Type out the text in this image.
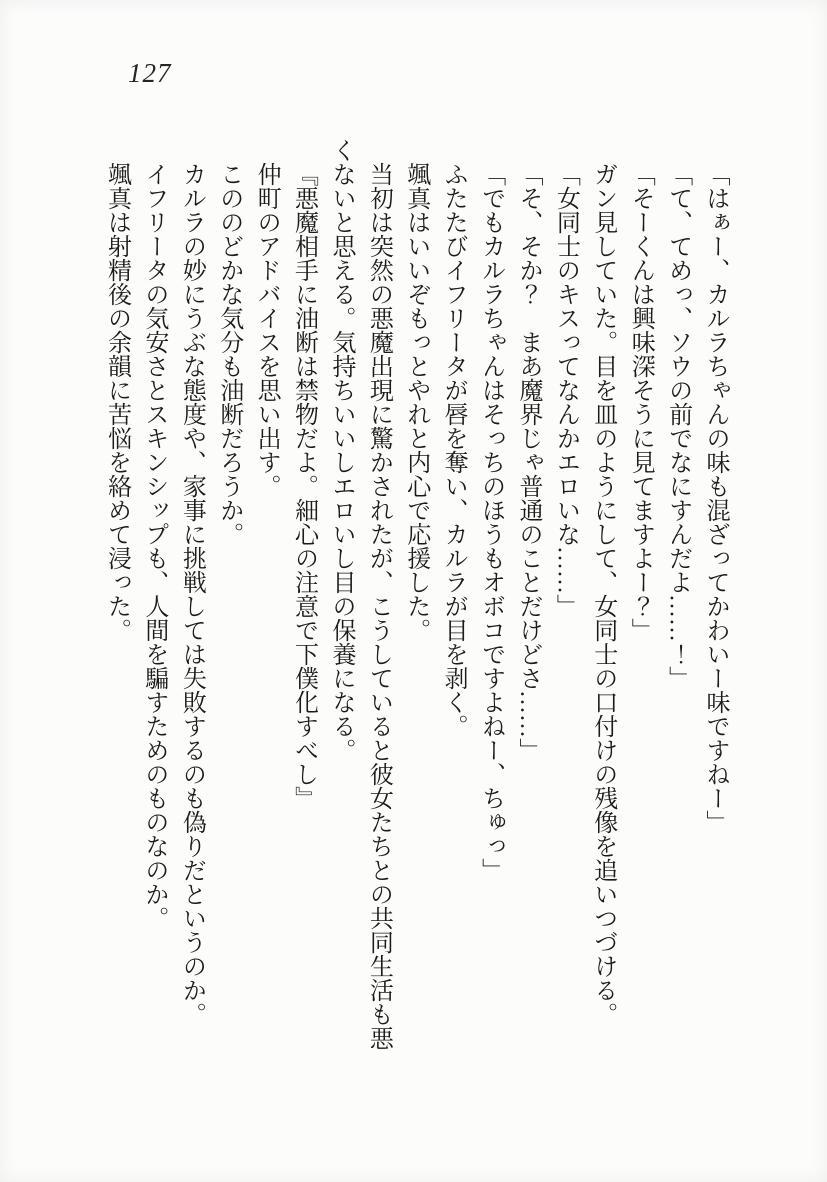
127

「はぁー、カルラちゃんの味も混ざってかわいー味ですねー」

「て、てめっ、ソウの前でなにすんだよ……！」

「そーくんは興味深そうに見てますよー？」

ガン見していた。目を皿のようにして、女同士の口付けの残像を追いつづける。

「女同士のキスってなんかエロいな……」

「そ、そか？　まあ魔界じゃ普通のことだけどさ……」

「でもカルラちゃんはそっちのほうもオボコですよねー、ちゅっ」

ふたたびイフリータが唇を奪い、カルラが目を剥く。

颯真はいいぞもっとやれと内心で応援した。

当初は突然の悪魔出現に驚かされたが、こうしていると彼女たちとの共同生活も悪くないと思える。気持ちいいしエロいし目の保養になる。

『悪魔相手に油断は禁物だよ。細心の注意で下僕化すべし』

仲町のアドバイスを思い出す。

こののどかな気分も油断だろうか。

カルラの妙にうぶな態度や、家事に挑戦しては失敗するのも偽りだというのか。

イフリータの気安さとスキンシップも、人間を騙すためのものなのか。

颯真は射精後の余韻に苦悩を絡めて浸った。
